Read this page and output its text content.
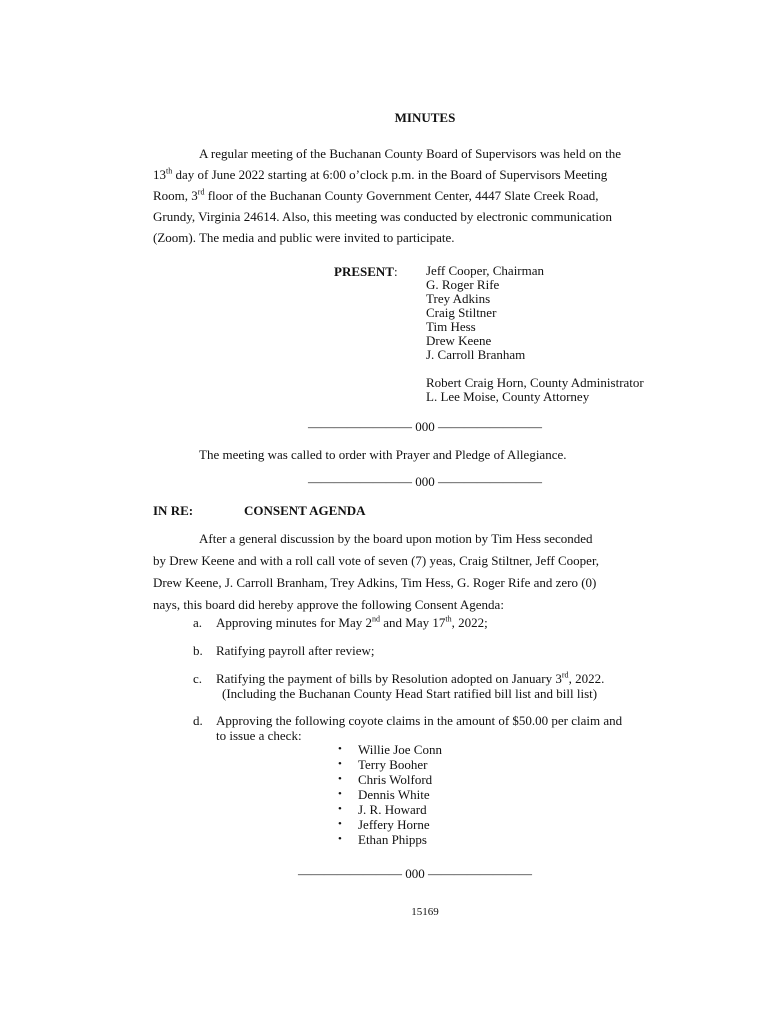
MINUTES
A regular meeting of the Buchanan County Board of Supervisors was held on the
13th day of June 2022 starting at 6:00 o’clock p.m. in the Board of Supervisors Meeting
Room, 3rd floor of the Buchanan County Government Center, 4447 Slate Creek Road,
Grundy, Virginia 24614. Also, this meeting was conducted by electronic communication
(Zoom). The media and public were invited to participate.
PRESENT: Jeff Cooper, Chairman
G. Roger Rife
Trey Adkins
Craig Stiltner
Tim Hess
Drew Keene
J. Carroll Branham
Robert Craig Horn, County Administrator
L. Lee Moise, County Attorney
———————— 000 ————————
The meeting was called to order with Prayer and Pledge of Allegiance.
———————— 000 ————————
IN RE:	CONSENT AGENDA
After a general discussion by the board upon motion by Tim Hess seconded
by Drew Keene and with a roll call vote of seven (7) yeas, Craig Stiltner, Jeff Cooper,
Drew Keene, J. Carroll Branham, Trey Adkins, Tim Hess, G. Roger Rife and zero (0)
nays, this board did hereby approve the following Consent Agenda:
a. Approving minutes for May 2nd and May 17th, 2022;
b. Ratifying payroll after review;
c. Ratifying the payment of bills by Resolution adopted on January 3rd, 2022.
(Including the Buchanan County Head Start ratified bill list and bill list)
d. Approving the following coyote claims in the amount of $50.00 per claim and
to issue a check:
• Willie Joe Conn
• Terry Booher
• Chris Wolford
• Dennis White
• J. R. Howard
• Jeffery Horne
• Ethan Phipps
———————— 000 ————————
15169
